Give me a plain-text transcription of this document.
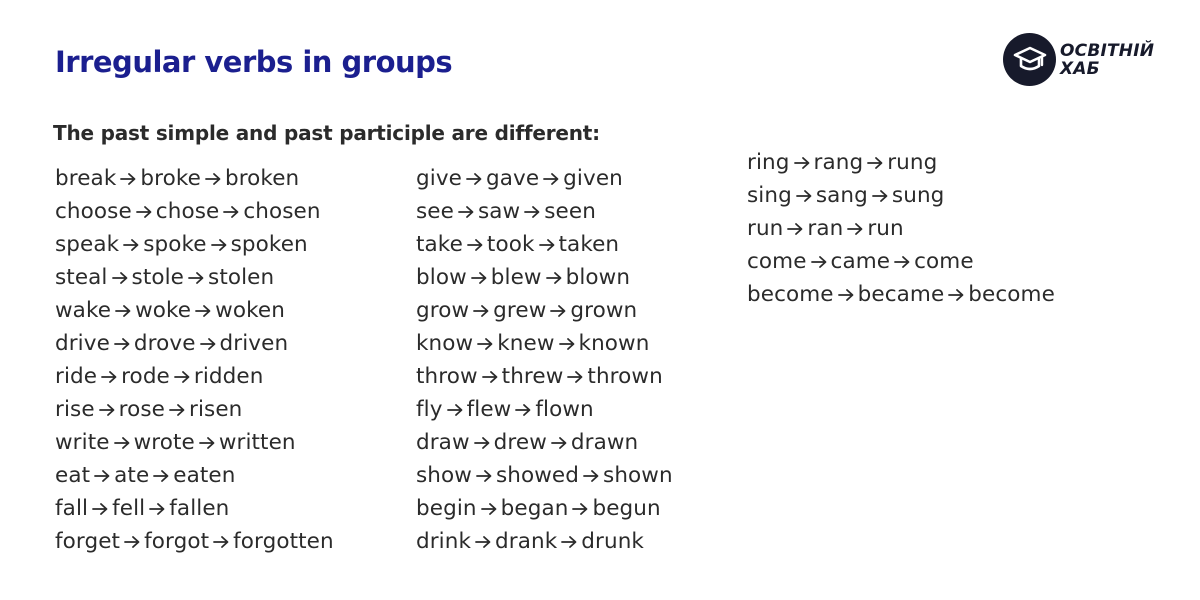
Irregular verbs in groups	ОСВІТНІЙ
ХАБ
The past simple and past participle are different:
break broke broken
choose chose chosen
speak spoke spoken
steal stole stolen
wake woke woken
drive drove driven
ride rode ridden
rise rose risen
write wrote written
eat ate eaten
fall fell fallen
forget forgot forgotten
give gave given
see saw seen
take took taken
blow blew blown
grow grew grown
know knew known
throw threw thrown
fly flew flown
draw drew drawn
show showed shown
begin began begun
drink drank drunk
ring rang rung
sing sang sung
run ran run
come came come
become became become
